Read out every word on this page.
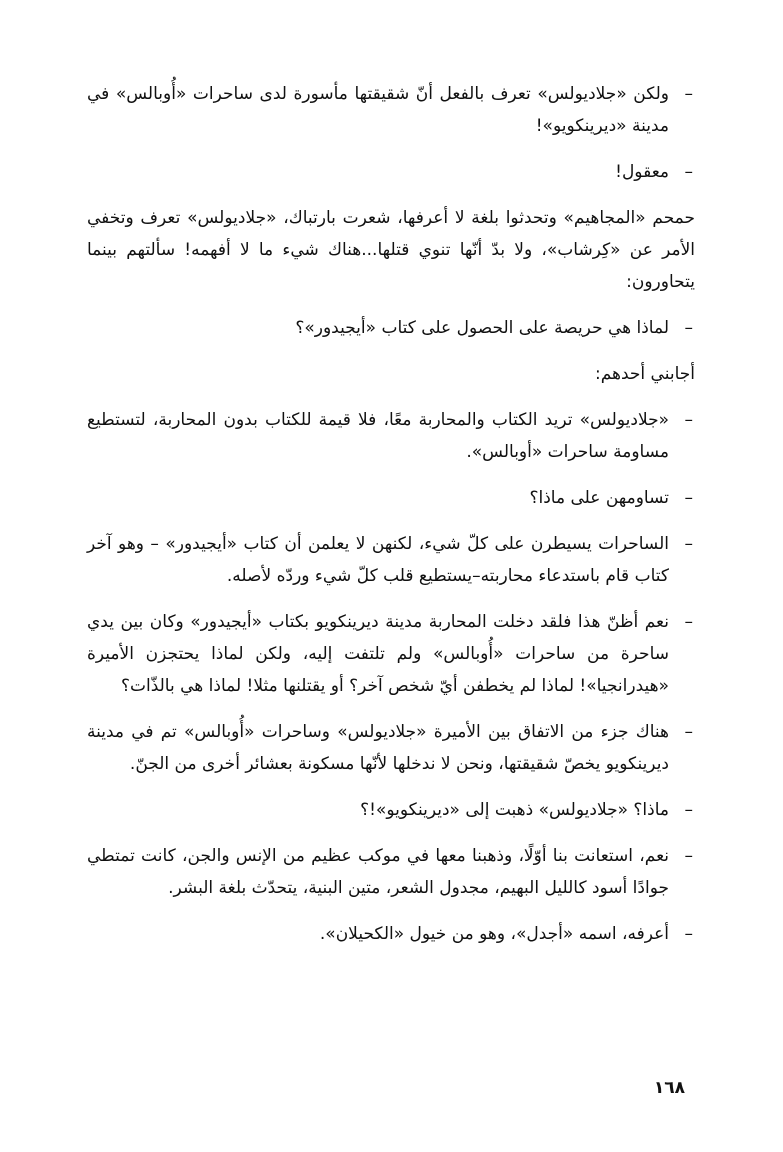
–
ولكن «جلاديولس» تعرف بالفعل أنّ شقيقتها مأسورة لدى ساحرات «أُوبالس» في مدينة «ديرينكويو»!
–
معقول!
حمحم «المجاهيم» وتحدثوا بلغة لا أعرفها، شعرت بارتباك، «جلاديولس» تعرف وتخفي الأمر عن «كِرشاب»، ولا بدّ أنّها تنوي قتلها...هناك شيء ما لا أفهمه! سألتهم بينما يتحاورون:
–
لماذا هي حريصة على الحصول على كتاب «أيجيدور»؟
أجابني أحدهم:
–
«جلاديولس» تريد الكتاب والمحاربة معًا، فلا قيمة للكتاب بدون المحاربة، لتستطيع مساومة ساحرات «أوبالس».
–
تساومهن على ماذا؟
–
الساحرات يسيطرن على كلّ شيء، لكنهن لا يعلمن أن كتاب «أيجيدور» – وهو آخر كتاب قام باستدعاء محاربته–يستطيع قلب كلّ شيء وردّه لأصله.
–
نعم أظنّ هذا فلقد دخلت المحاربة مدينة ديرينكويو بكتاب «أيجيدور» وكان بين يدي ساحرة من ساحرات «أُوبالس» ولم تلتفت إليه، ولكن لماذا يحتجزن الأميرة «هيدرانجيا»! لماذا لم يخطفن أيّ شخص آخر؟ أو يقتلنها مثلا! لماذا هي بالذّات؟
–
هناك جزء من الاتفاق بين الأميرة «جلاديولس» وساحرات «أُوبالس» تم في مدينة ديرينكويو يخصّ شقيقتها، ونحن لا ندخلها لأنّها مسكونة بعشائر أخرى من الجنّ.
–
ماذا؟ «جلاديولس» ذهبت إلى «ديرينكويو»!؟
–
نعم، استعانت بنا أوّلًا، وذهبنا معها في موكب عظيم من الإنس والجن، كانت تمتطي جوادًا أسود كالليل البهيم، مجدول الشعر، متين البنية، يتحدّث بلغة البشر.
–
أعرفه، اسمه «أجدل»، وهو من خيول «الكحيلان».
١٦٨
